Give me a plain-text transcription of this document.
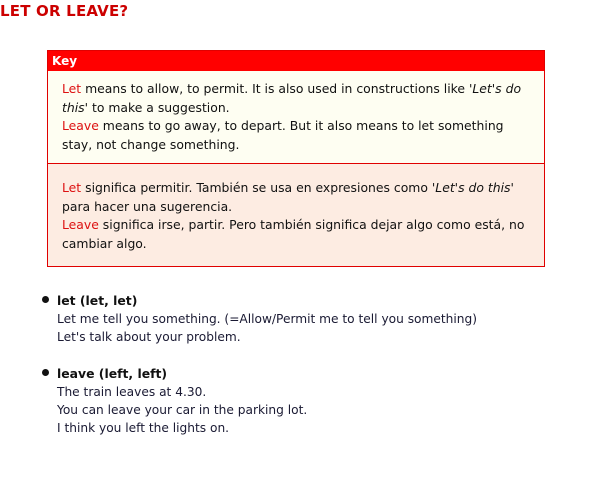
LET OR LEAVE?
Key
Let means to allow, to permit. It is also used in constructions like 'Let's do this' to make a suggestion.
Leave means to go away, to depart. But it also means to let something stay, not change something.
Let significa permitir. También se usa en expresiones como 'Let's do this' para hacer una sugerencia.
Leave significa irse, partir. Pero también significa dejar algo como está, no cambiar algo.
let (let, let)
Let me tell you something. (=Allow/Permit me to tell you something)
Let's talk about your problem.
leave (left, left)
The train leaves at 4.30.
You can leave your car in the parking lot.
I think you left the lights on.
